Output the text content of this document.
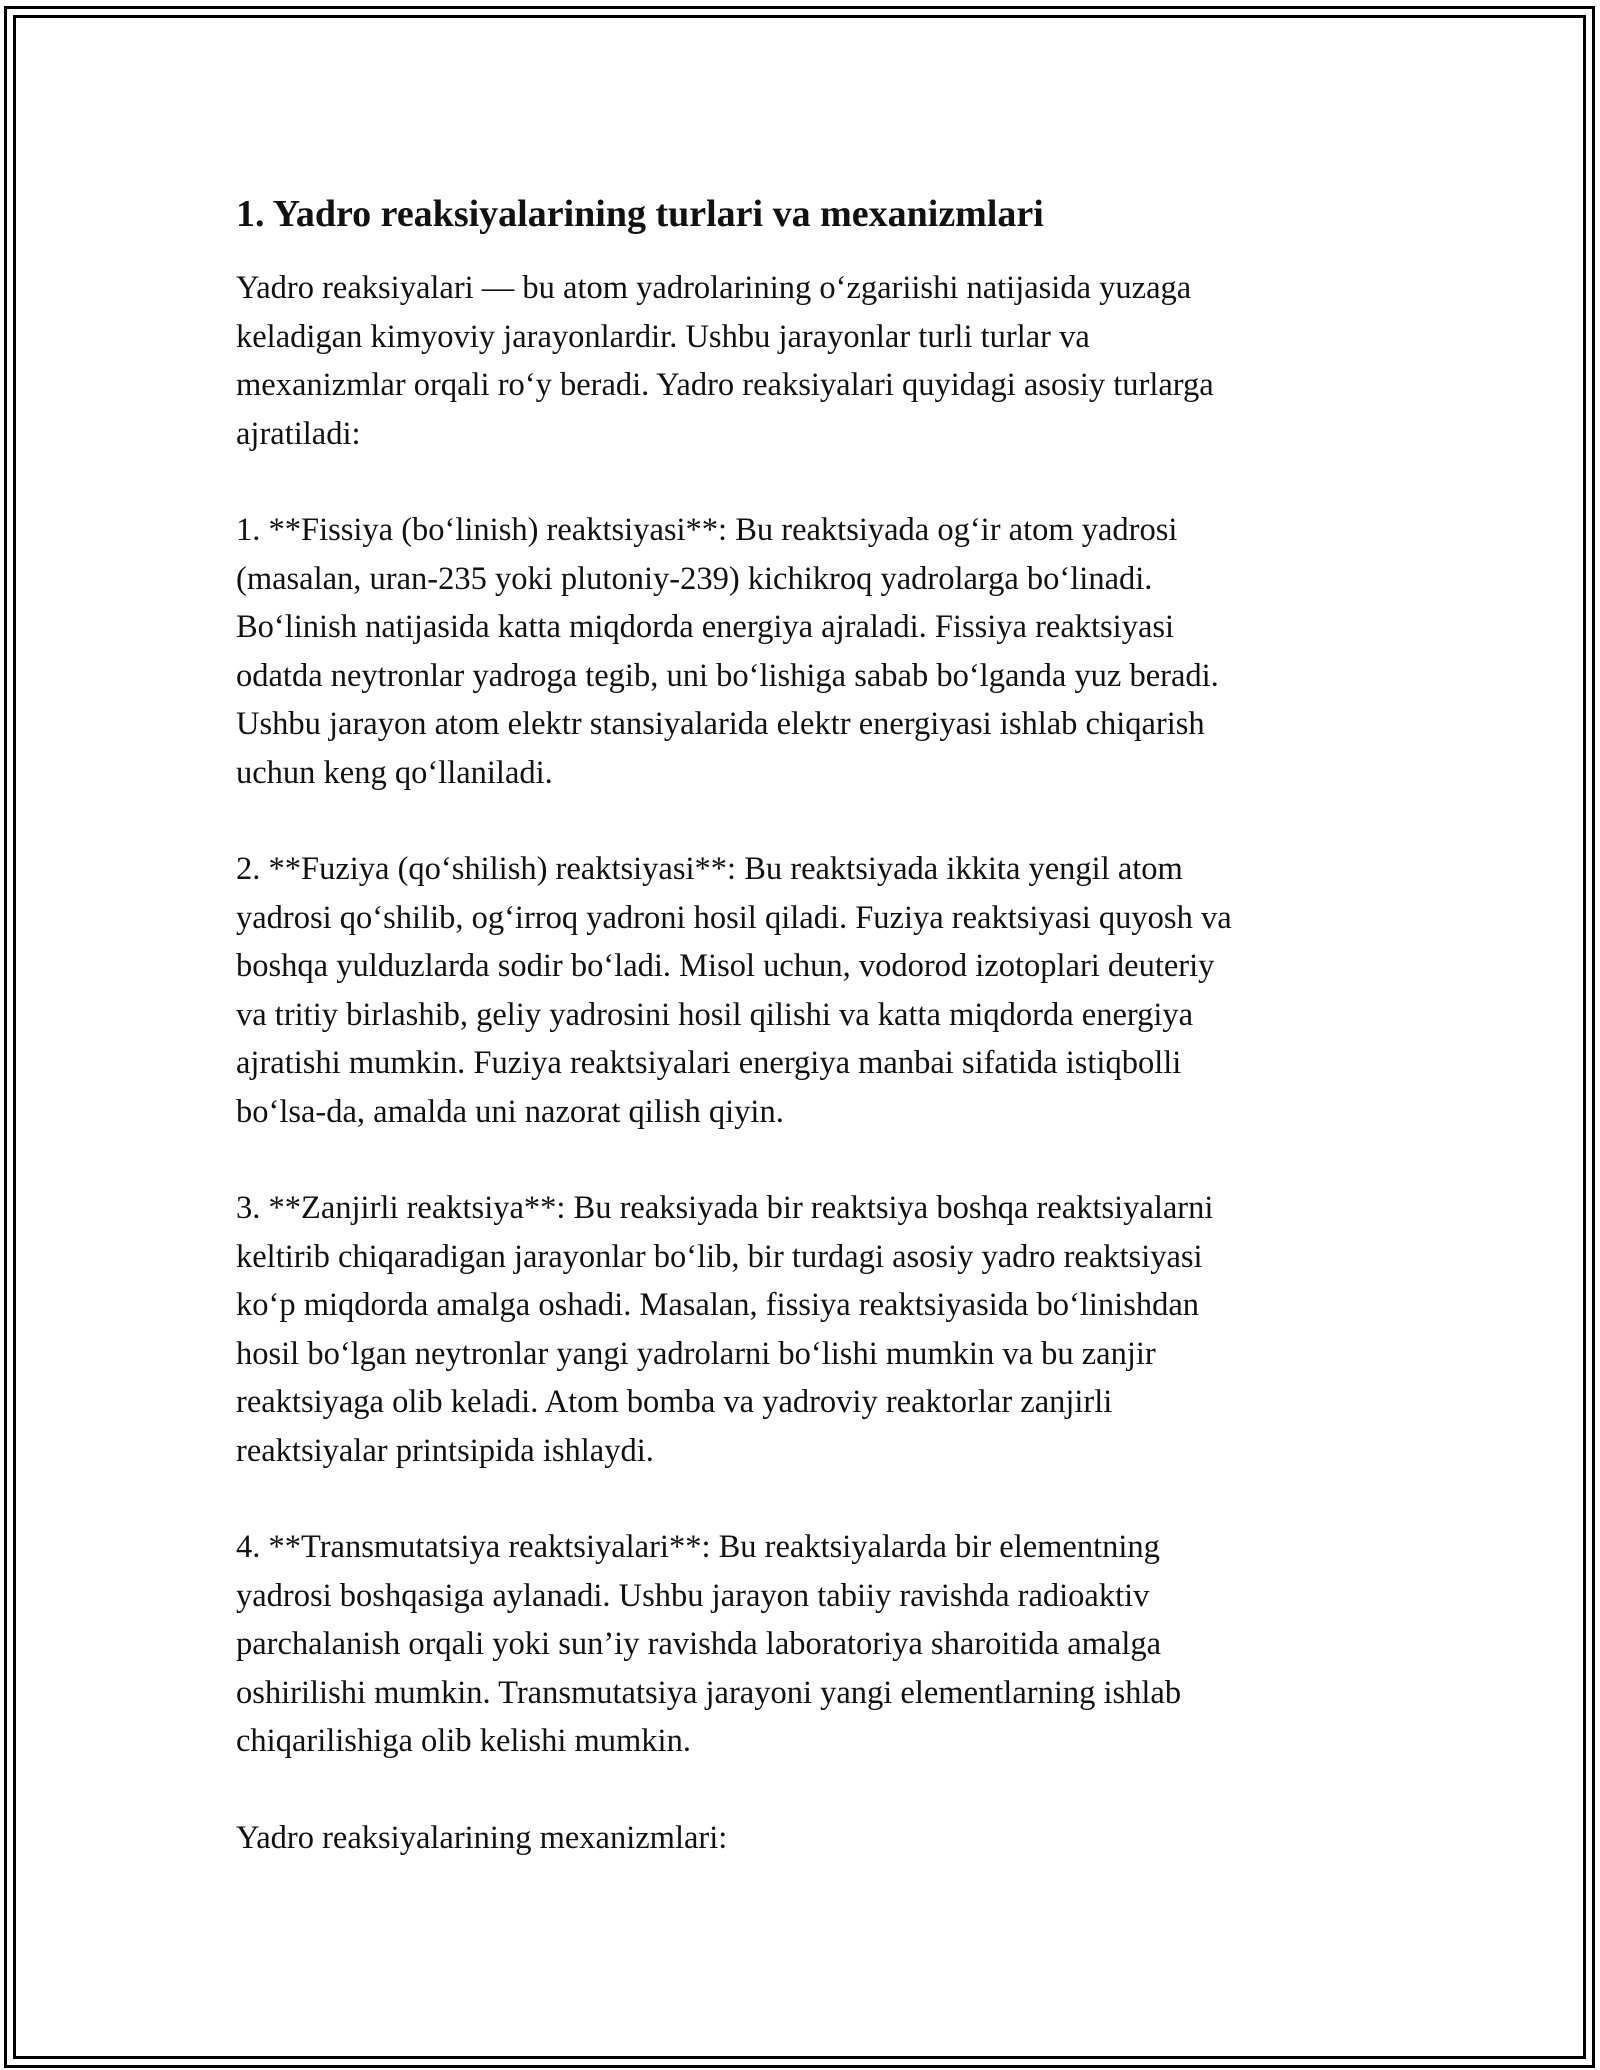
1. Yadro reaksiyalarining turlari va mexanizmlari

Yadro reaksiyalari — bu atom yadrolarining oʻzgariishi natijasida yuzaga
keladigan kimyoviy jarayonlardir. Ushbu jarayonlar turli turlar va
mexanizmlar orqali roʻy beradi. Yadro reaksiyalari quyidagi asosiy turlarga
ajratiladi:

1. **Fissiya (boʻlinish) reaktsiyasi**: Bu reaktsiyada ogʻir atom yadrosi
(masalan, uran-235 yoki plutoniy-239) kichikroq yadrolarga boʻlinadi.
Boʻlinish natijasida katta miqdorda energiya ajraladi. Fissiya reaktsiyasi
odatda neytronlar yadroga tegib, uni boʻlishiga sabab boʻlganda yuz beradi.
Ushbu jarayon atom elektr stansiyalarida elektr energiyasi ishlab chiqarish
uchun keng qoʻllaniladi.

2. **Fuziya (qoʻshilish) reaktsiyasi**: Bu reaktsiyada ikkita yengil atom
yadrosi qoʻshilib, ogʻirroq yadroni hosil qiladi. Fuziya reaktsiyasi quyosh va
boshqa yulduzlarda sodir boʻladi. Misol uchun, vodorod izotoplari deuteriy
va tritiy birlashib, geliy yadrosini hosil qilishi va katta miqdorda energiya
ajratishi mumkin. Fuziya reaktsiyalari energiya manbai sifatida istiqbolli
boʻlsa-da, amalda uni nazorat qilish qiyin.

3. **Zanjirli reaktsiya**: Bu reaksiyada bir reaktsiya boshqa reaktsiyalarni
keltirib chiqaradigan jarayonlar boʻlib, bir turdagi asosiy yadro reaktsiyasi
koʻp miqdorda amalga oshadi. Masalan, fissiya reaktsiyasida boʻlinishdan
hosil boʻlgan neytronlar yangi yadrolarni boʻlishi mumkin va bu zanjir
reaktsiyaga olib keladi. Atom bomba va yadroviy reaktorlar zanjirli
reaktsiyalar printsipida ishlaydi.

4. **Transmutatsiya reaktsiyalari**: Bu reaktsiyalarda bir elementning
yadrosi boshqasiga aylanadi. Ushbu jarayon tabiiy ravishda radioaktiv
parchalanish orqali yoki sun’iy ravishda laboratoriya sharoitida amalga
oshirilishi mumkin. Transmutatsiya jarayoni yangi elementlarning ishlab
chiqarilishiga olib kelishi mumkin.

Yadro reaksiyalarining mexanizmlari:
